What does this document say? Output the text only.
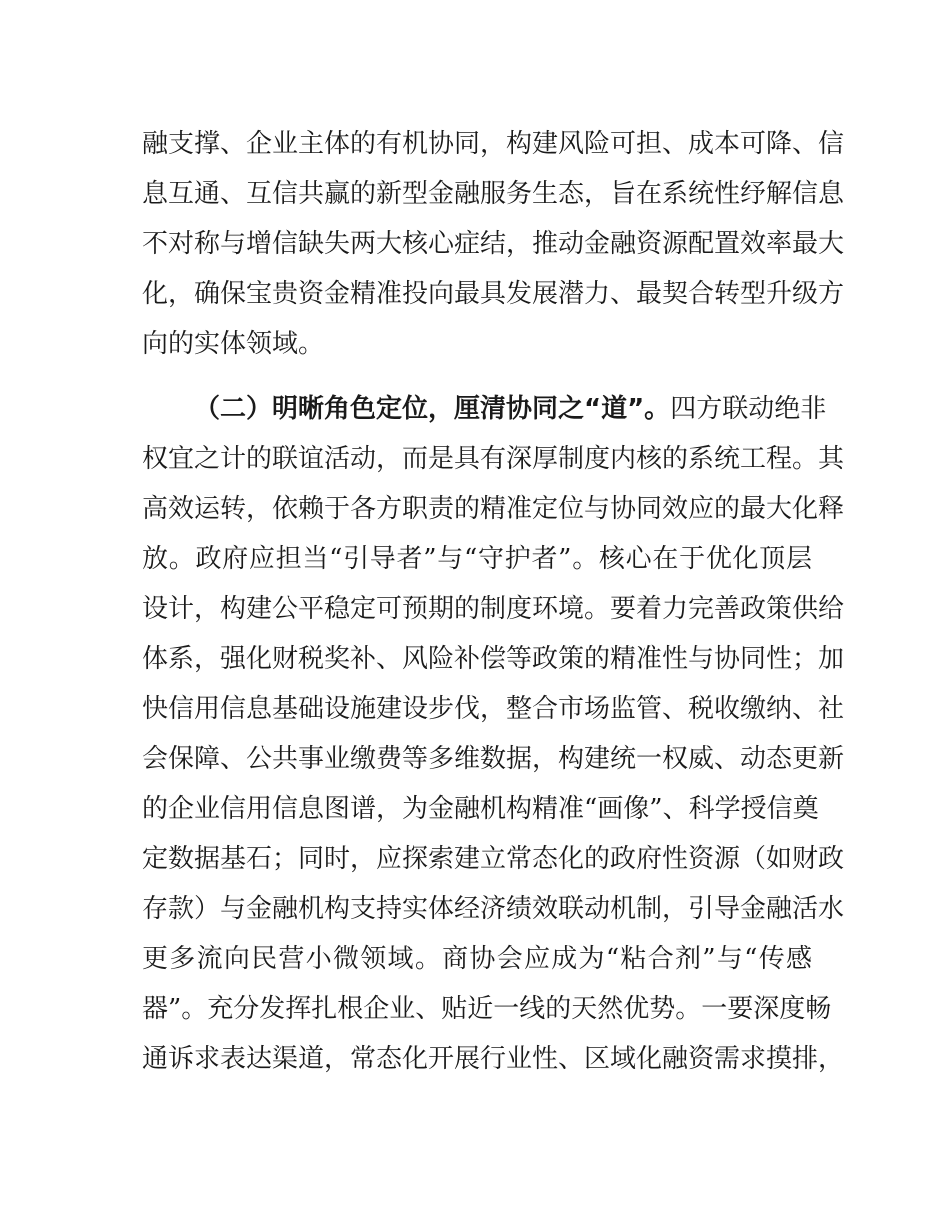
融支撑、企业主体的有机协同，构建风险可担、成本可降、信
息互通、互信共赢的新型金融服务生态，旨在系统性纾解信息
不对称与增信缺失两大核心症结，推动金融资源配置效率最大
化，确保宝贵资金精准投向最具发展潜力、最契合转型升级方
向的实体领域。
（二）明晰角色定位，厘清协同之“道”。四方联动绝非
权宜之计的联谊活动，而是具有深厚制度内核的系统工程。其
高效运转，依赖于各方职责的精准定位与协同效应的最大化释
放。政府应担当“引导者”与“守护者”。核心在于优化顶层
设计，构建公平稳定可预期的制度环境。要着力完善政策供给
体系，强化财税奖补、风险补偿等政策的精准性与协同性；加
快信用信息基础设施建设步伐，整合市场监管、税收缴纳、社
会保障、公共事业缴费等多维数据，构建统一权威、动态更新
的企业信用信息图谱，为金融机构精准“画像”、科学授信奠
定数据基石；同时，应探索建立常态化的政府性资源（如财政
存款）与金融机构支持实体经济绩效联动机制，引导金融活水
更多流向民营小微领域。商协会应成为“粘合剂”与“传感
器”。充分发挥扎根企业、贴近一线的天然优势。一要深度畅
通诉求表达渠道，常态化开展行业性、区域化融资需求摸排，
